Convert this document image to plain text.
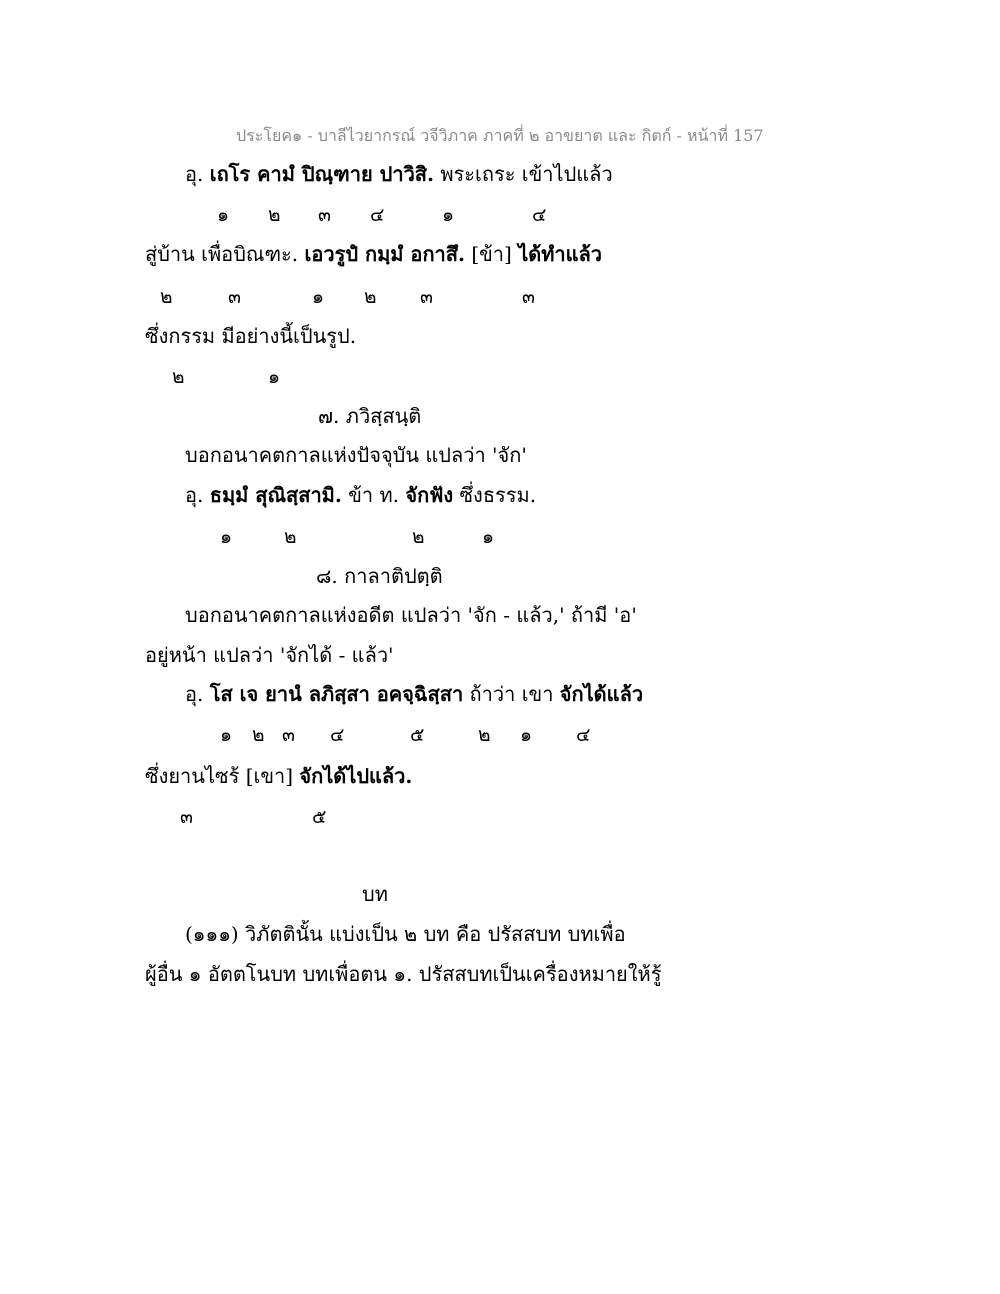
ประโยค๑ - บาลีไวยากรณ์ วจีวิภาค ภาคที่ ๒ อาขยาต และ กิตก์ - หน้าที่ 157
อุ. เถโร คามํ ปิณฺฑาย ปาวิสิ. พระเถระ เข้าไปแล้ว
๑ ๒ ๓ ๔	๑	๔
สู่บ้าน เพื่อบิณฑะ. เอวรูปํ กมฺมํ อกาสึ. [ข้า] ได้ทำแล้ว
๒	๓	๑ ๒ ๓	๓
ซึ่งกรรม มีอย่างนี้เป็นรูป.
๒	๑
๗. ภวิสฺสนฺติ
บอกอนาคตกาลแห่งปัจจุบัน แปลว่า 'จัก'
อุ. ธมฺมํ สุณิสฺสามิ. ข้า ท. จักฟัง ซึ่งธรรม.
๑	๒	๒	๑
๘. กาลาติปตฺติ
บอกอนาคตกาลแห่งอดีต แปลว่า 'จัก - แล้ว,' ถ้ามี 'อ'
อยู่หน้า แปลว่า 'จักได้ - แล้ว'
อุ. โส เจ ยานํ ลภิสฺสา อคจฺฉิสฺสา ถ้าว่า เขา จักได้แล้ว
๑ ๒ ๓ ๔	๕	๒ ๑ ๔
ซึ่งยานไซร้ [เขา] จักได้ไปแล้ว.
๓	๕
บท
(๑๑๑) วิภัตตินั้น แบ่งเป็น ๒ บท คือ ปรัสสบท บทเพื่อ
ผู้อื่น ๑ อัตตโนบท บทเพื่อตน ๑. ปรัสสบทเป็นเครื่องหมายให้รู้
